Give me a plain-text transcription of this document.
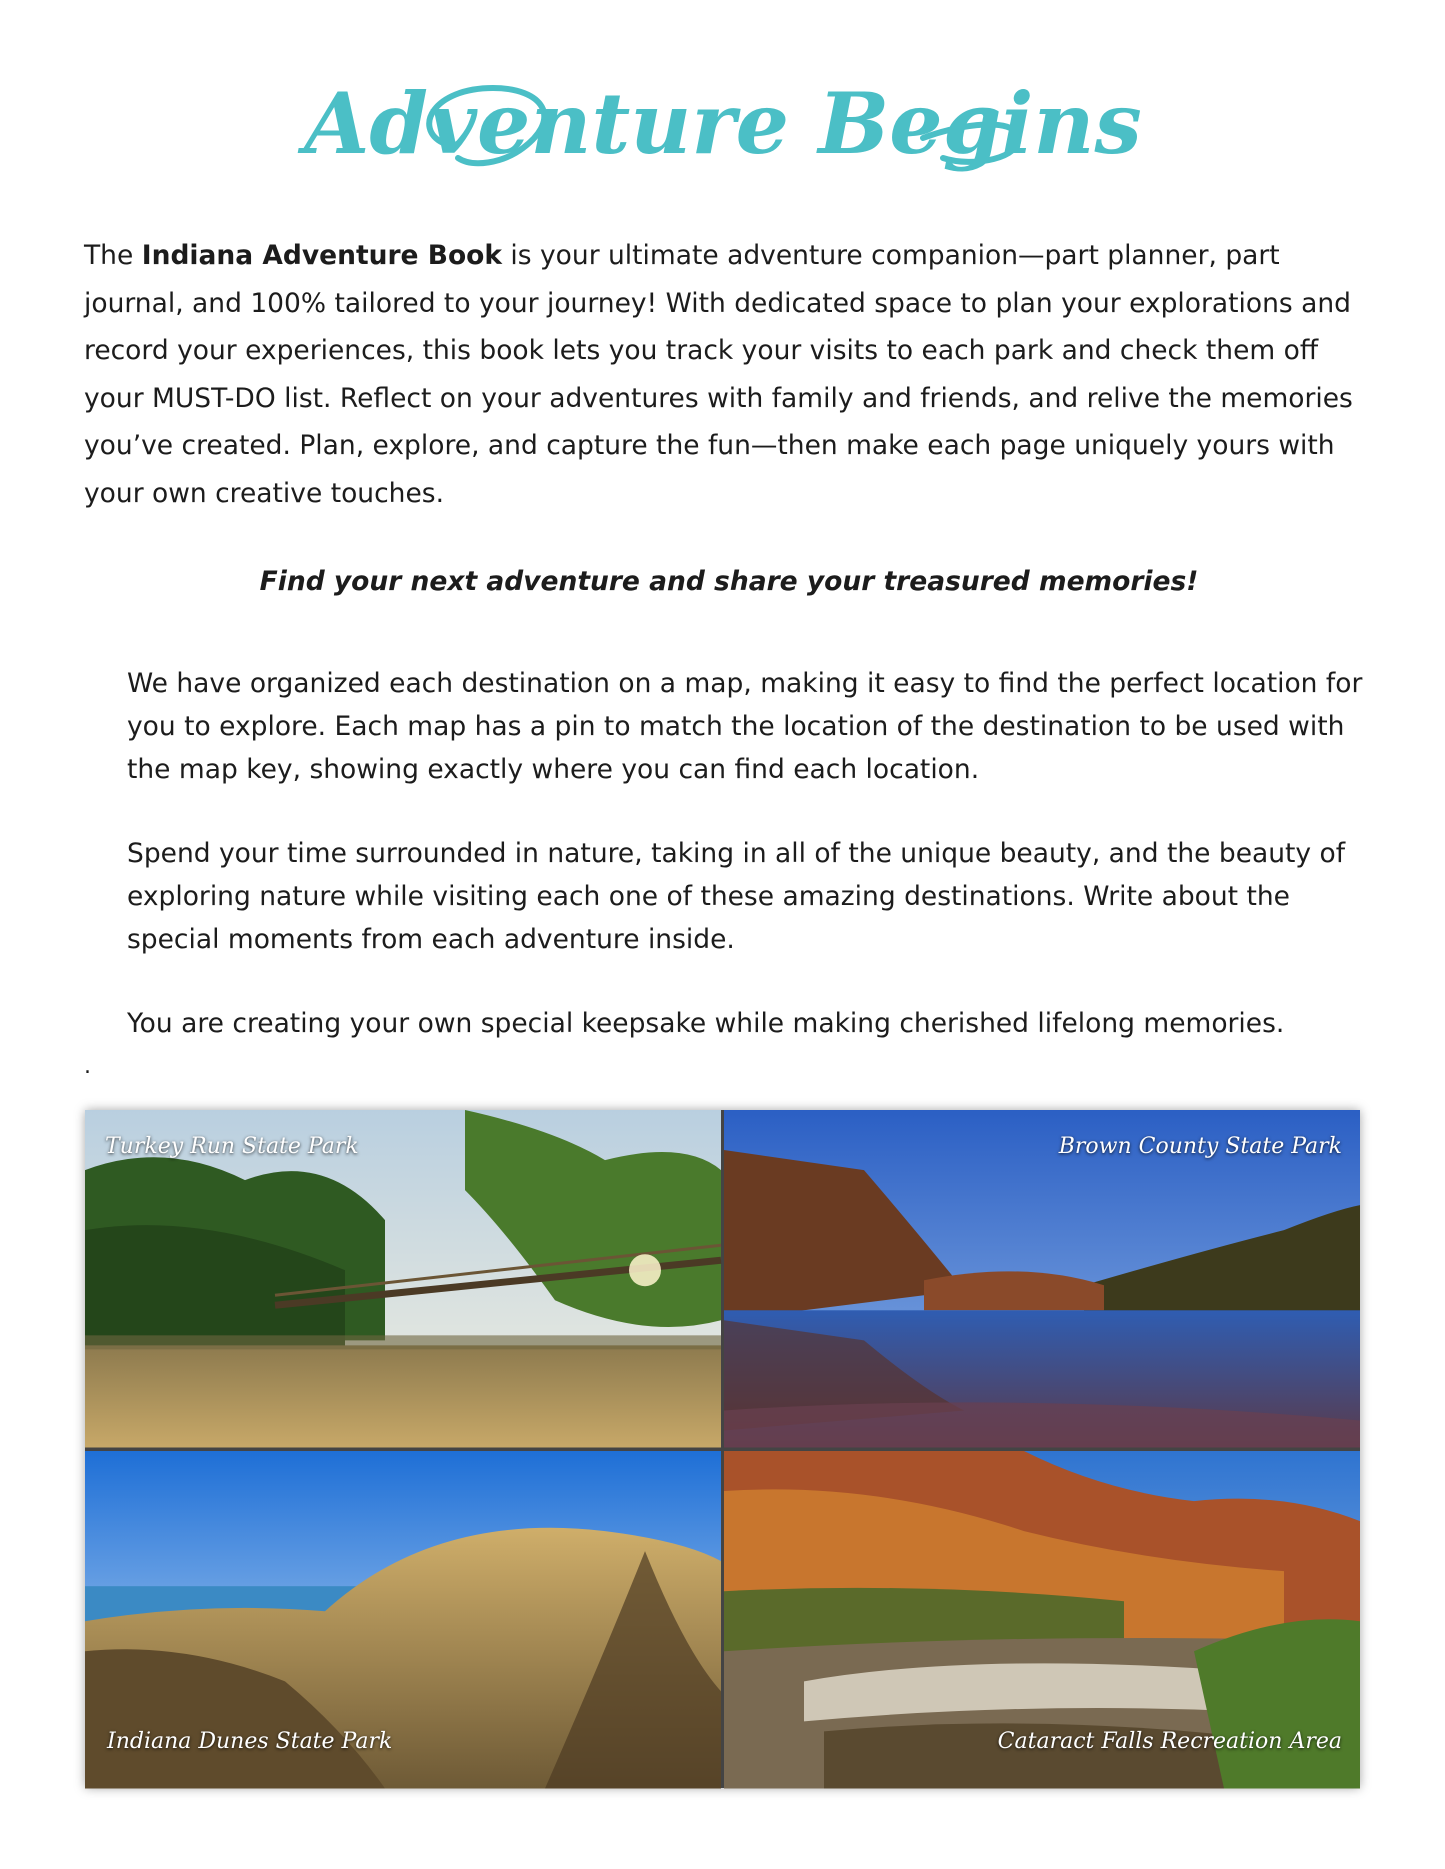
Adventure Begins

The Indiana Adventure Book is your ultimate adventure companion—part planner, part journal, and 100% tailored to your journey! With dedicated space to plan your explorations and record your experiences, this book lets you track your visits to each park and check them off your MUST-DO list. Reflect on your adventures with family and friends, and relive the memories you’ve created. Plan, explore, and capture the fun—then make each page uniquely yours with your own creative touches.

Find your next adventure and share your treasured memories!

We have organized each destination on a map, making it easy to find the perfect location for you to explore. Each map has a pin to match the location of the destination to be used with the map key, showing exactly where you can find each location.

Spend your time surrounded in nature, taking in all of the unique beauty, and the beauty of exploring nature while visiting each one of these amazing destinations. Write about the special moments from each adventure inside.

You are creating your own special keepsake while making cherished lifelong memories.

.
Turkey Run State Park	Brown County State Park
Indiana Dunes State Park	Cataract Falls Recreation Area
